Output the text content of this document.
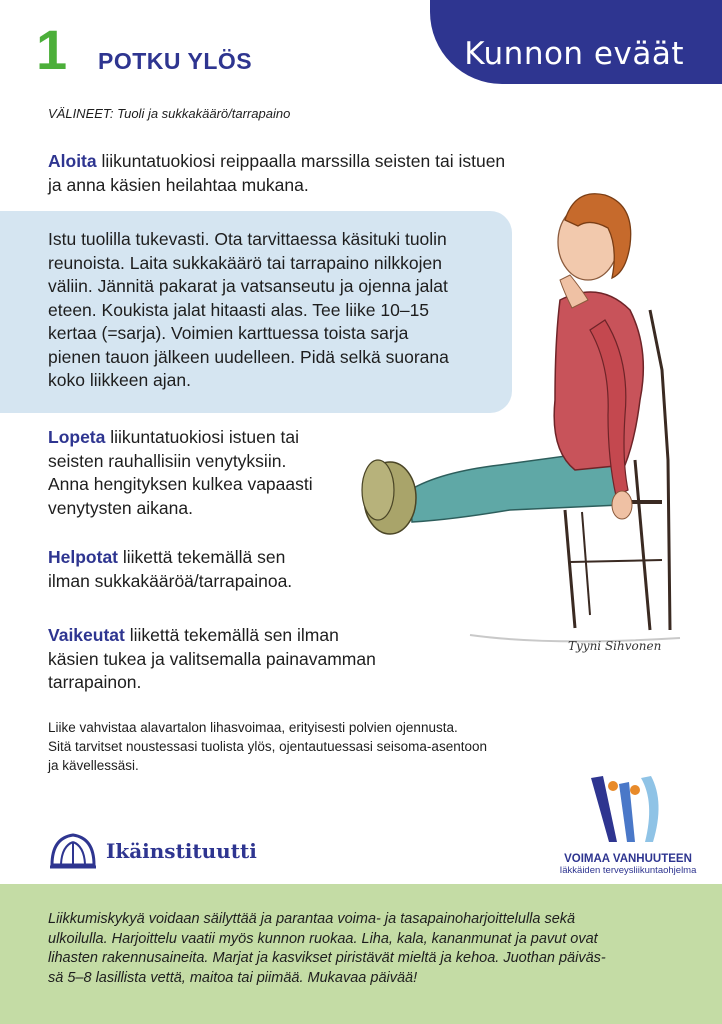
Kunnon eväät
1 POTKU YLÖS
VÄLINEET: Tuoli ja sukkakäärö/tarrapaino

Aloita liikuntatuokiosi reippaalla marssilla seisten tai istuen
ja anna käsien heilahtaa mukana.

Istu tuolilla tukevasti. Ota tarvittaessa käsituki tuolin
reunoista. Laita sukkakäärö tai tarrapaino nilkkojen
väliin. Jännitä pakarat ja vatsanseutu ja ojenna jalat
eteen. Koukista jalat hitaasti alas. Tee liike 10–15
kertaa (=sarja). Voimien karttuessa toista sarja
pienen tauon jälkeen uudelleen. Pidä selkä suorana
koko liikkeen ajan.

Lopeta liikuntatuokiosi istuen tai
seisten rauhallisiin venytyksiin.
Anna hengityksen kulkea vapaasti
venytysten aikana.

Helpotat liikettä tekemällä sen
ilman sukkakääröä/tarrapainoa.

Vaikeutat liikettä tekemällä sen ilman
käsien tukea ja valitsemalla painavamman
tarrapainon.

Tyyni Sihvonen

Liike vahvistaa alavartalon lihasvoimaa, erityisesti polvien ojennusta.
Sitä tarvitset noustessasi tuolista ylös, ojentautuessasi seisoma-asentoon
ja kävellessäsi.

Ikäinstituutti	VOIMAA VANHUUTEEN
Iäkkäiden terveysliikuntaohjelma

Liikkumiskykyä voidaan säilyttää ja parantaa voima- ja tasapainoharjoittelulla sekä
ulkoilulla. Harjoittelu vaatii myös kunnon ruokaa. Liha, kala, kananmunat ja pavut ovat
lihasten rakennusaineita. Marjat ja kasvikset piristävät mieltä ja kehoa. Juothan päiväs-
sä 5–8 lasillista vettä, maitoa tai piimää. Mukavaa päivää!
